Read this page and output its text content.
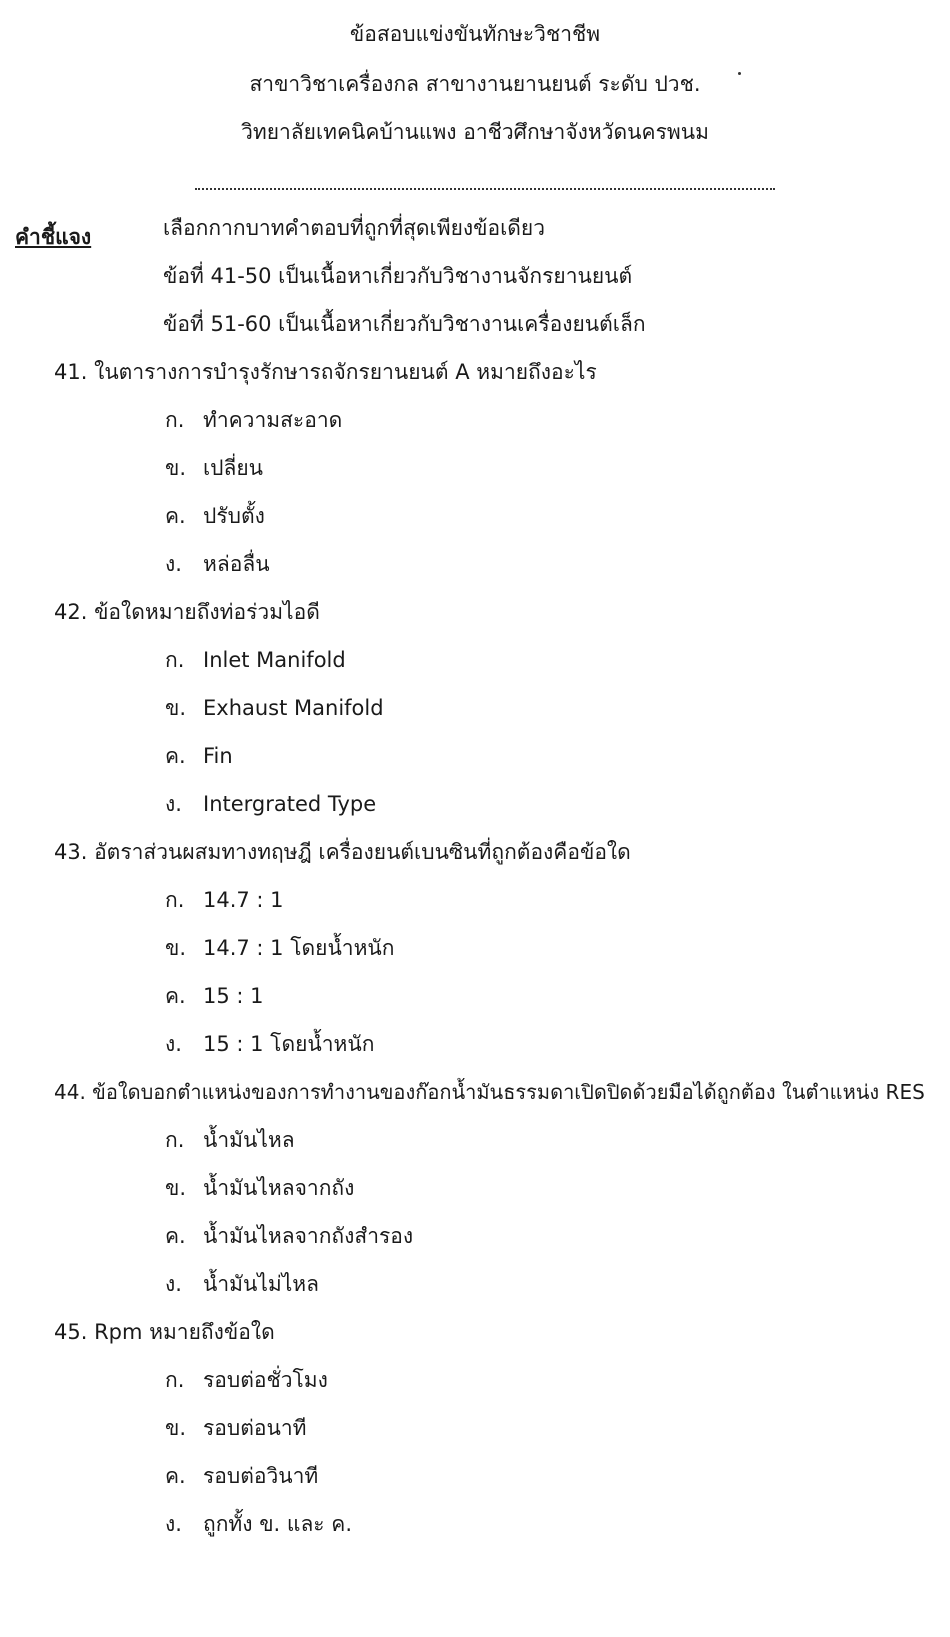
ข้อสอบแข่งขันทักษะวิชาชีพ
สาขาวิชาเครื่องกล สาขางานยานยนต์ ระดับ ปวช.
วิทยาลัยเทคนิคบ้านแพง อาชีวศึกษาจังหวัดนครพนม
คำชี้แจง	เลือกกากบาทคำตอบที่ถูกที่สุดเพียงข้อเดียว
ข้อที่ 41-50 เป็นเนื้อหาเกี่ยวกับวิชางานจักรยานยนต์
ข้อที่ 51-60 เป็นเนื้อหาเกี่ยวกับวิชางานเครื่องยนต์เล็ก
41. ในตารางการบำรุงรักษารถจักรยานยนต์ A หมายถึงอะไร
ก. ทำความสะอาด
ข. เปลี่ยน
ค. ปรับตั้ง
ง. หล่อลื่น
42. ข้อใดหมายถึงท่อร่วมไอดี
ก. Inlet Manifold
ข. Exhaust Manifold
ค. Fin
ง. Intergrated Type
43. อัตราส่วนผสมทางทฤษฎี เครื่องยนต์เบนซินที่ถูกต้องคือข้อใด
ก. 14.7 : 1
ข. 14.7 : 1 โดยน้ำหนัก
ค. 15 : 1
ง. 15 : 1 โดยน้ำหนัก
44. ข้อใดบอกตำแหน่งของการทำงานของก๊อกน้ำมันธรรมดาเปิดปิดด้วยมือได้ถูกต้อง ในตำแหน่ง RES
ก. น้ำมันไหล
ข. น้ำมันไหลจากถัง
ค. น้ำมันไหลจากถังสำรอง
ง. น้ำมันไม่ไหล
45. Rpm หมายถึงข้อใด
ก. รอบต่อชั่วโมง
ข. รอบต่อนาที
ค. รอบต่อวินาที
ง. ถูกทั้ง ข. และ ค.
